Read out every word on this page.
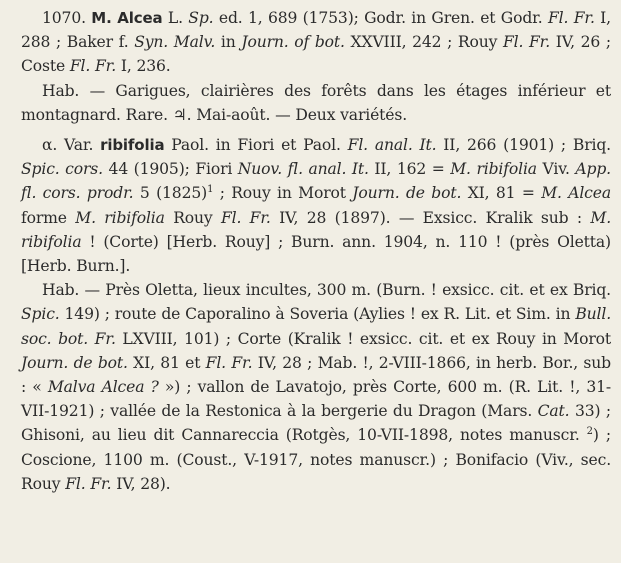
1070. M. Alcea L. Sp. ed. 1, 689 (1753); Godr. in Gren. et Godr. Fl. Fr. I, 288 ; Baker f. Syn. Malv. in Journ. of bot. XXVIII, 242 ; Rouy Fl. Fr. IV, 26 ; Coste Fl. Fr. I, 236.
Hab. — Garigues, clairières des forêts dans les étages inférieur et montagnard. Rare. ♃. Mai-août. — Deux variétés.
α. Var. ribifolia Paol. in Fiori et Paol. Fl. anal. It. II, 266 (1901) ; Briq. Spic. cors. 44 (1905); Fiori Nuov. fl. anal. It. II, 162 = M. ribifolia Viv. App. fl. cors. prodr. 5 $(1825)^1$ ; Rouy in Morot Journ. de bot. XI, 81 = M. Alcea forme M. ribifolia Rouy Fl. Fr. IV, 28 (1897). — Exsicc. Kralik sub : M. ribifolia ! (Corte) [Herb. Rouy] ; Burn. ann. 1904, n. 110 ! (près Oletta) [Herb. Burn.].
Hab. — Près Oletta, lieux incultes, 300 m. (Burn. ! exsicc. cit. et ex Briq. Spic. 149) ; route de Caporalino à Soveria (Aylies ! ex R. Lit. et Sim. in Bull. soc. bot. Fr. LXVIII, 101) ; Corte (Kralik ! exsicc. cit. et ex Rouy in Morot Journ. de bot. XI, 81 et Fl. Fr. IV, 28 ; Mab. !, 2-VIII-1866, in herb. Bor., sub : « Malva Alcea ? ») ; vallon de Lavatojo, près Corte, 600 m. (R. Lit. !, 31-VII-1921) ; vallée de la Restonica à la bergerie du Dragon (Mars. Cat. 33) ; Ghisoni, au lieu dit Cannareccia (Rotgès, 10-VII-1898, notes manuscr. $^2$) ; Coscione, 1100 m. (Coust., V-1917, notes manuscr.) ; Bonifacio (Viv., sec. Rouy Fl. Fr. IV, 28).
